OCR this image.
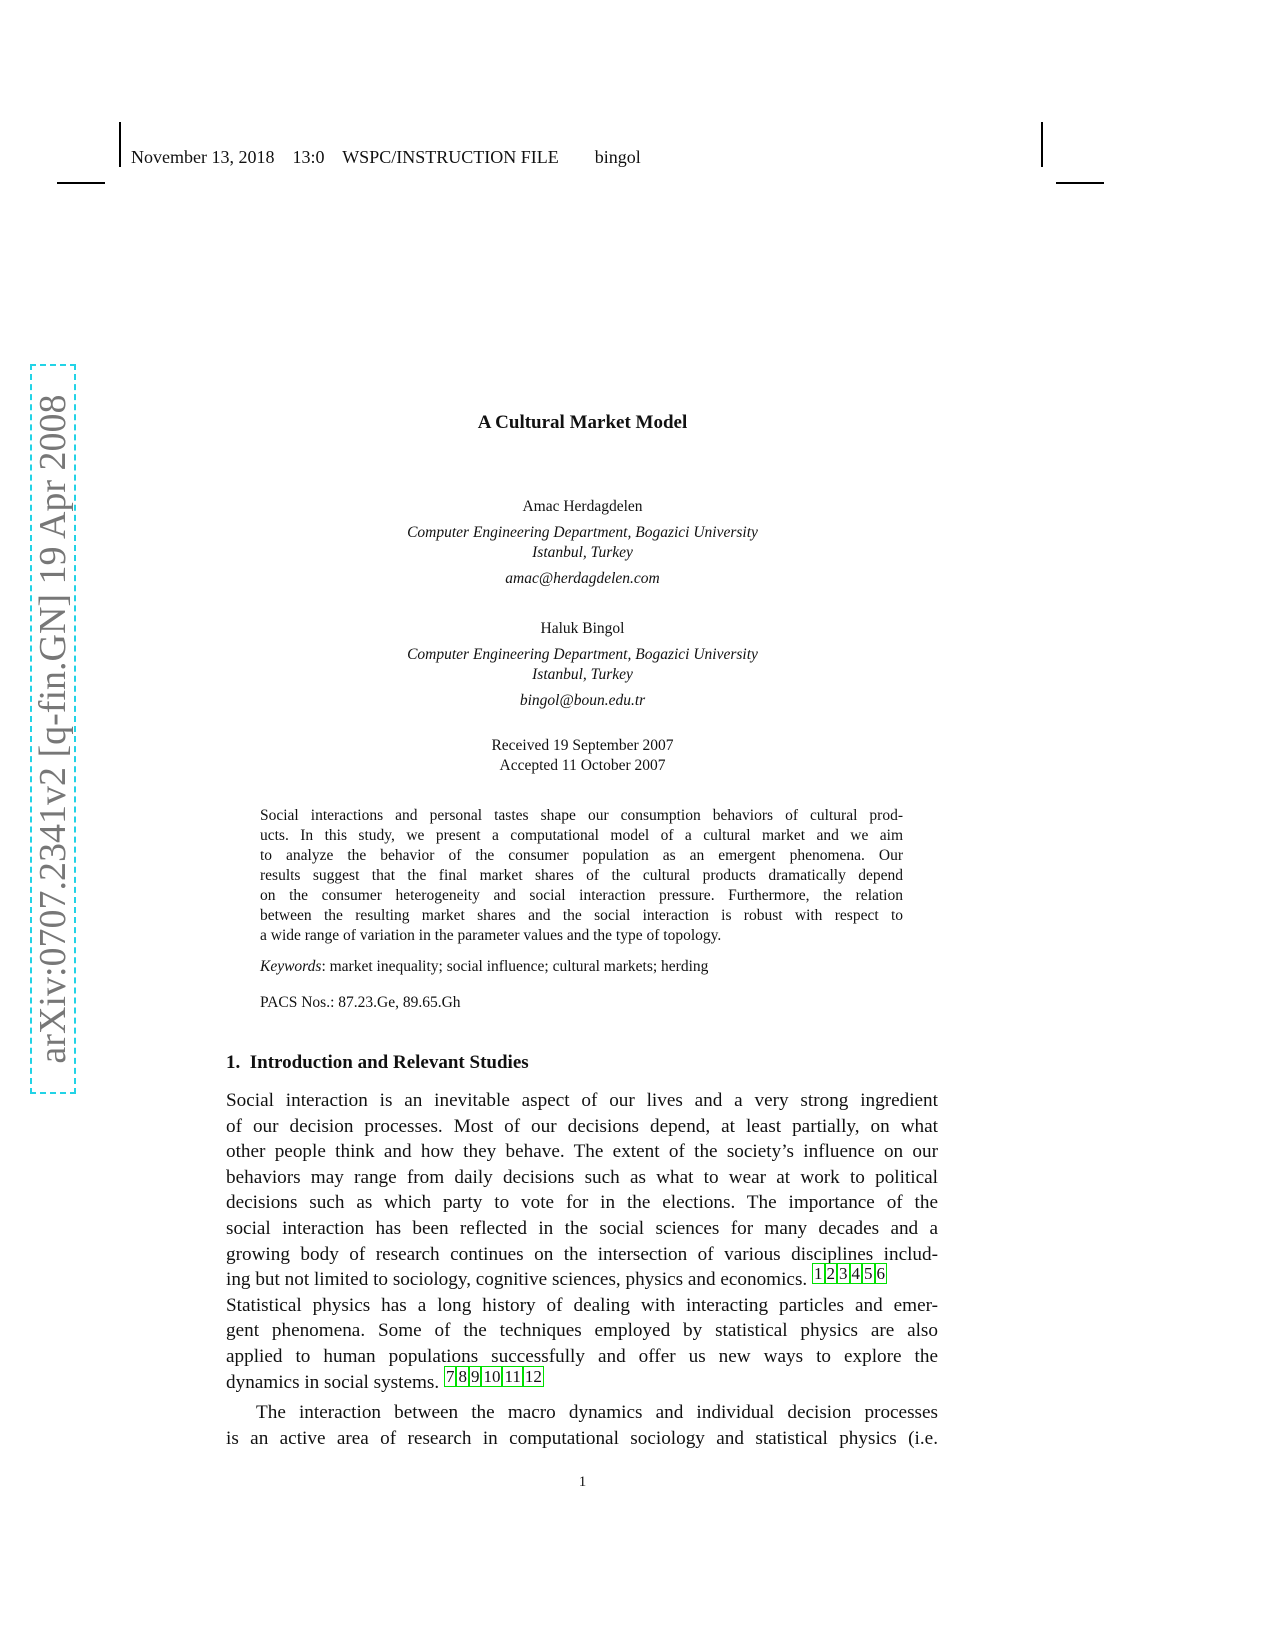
November 13, 2018 13:0 WSPC/INSTRUCTION FILE bingol
arXiv:0707.2341v2 [q-fin.GN] 19 Apr 2008	A Cultural Market Model
Amac Herdagdelen
Computer Engineering Department, Bogazici University
Istanbul, Turkey
amac@herdagdelen.com
Haluk Bingol
Computer Engineering Department, Bogazici University
Istanbul, Turkey
bingol@boun.edu.tr
Received 19 September 2007
Accepted 11 October 2007
Social interactions and personal tastes shape our consumption behaviors of cultural prod-
ucts. In this study, we present a computational model of a cultural market and we aim
to analyze the behavior of the consumer population as an emergent phenomena. Our
results suggest that the final market shares of the cultural products dramatically depend
on the consumer heterogeneity and social interaction pressure. Furthermore, the relation
between the resulting market shares and the social interaction is robust with respect to
a wide range of variation in the parameter values and the type of topology.
Keywords: market inequality; social influence; cultural markets; herding
PACS Nos.: 87.23.Ge, 89.65.Gh
1. Introduction and Relevant Studies
Social interaction is an inevitable aspect of our lives and a very strong ingredient
of our decision processes. Most of our decisions depend, at least partially, on what
other people think and how they behave. The extent of the society’s influence on our
behaviors may range from daily decisions such as what to wear at work to political
decisions such as which party to vote for in the elections. The importance of the
social interaction has been reflected in the social sciences for many decades and a
growing body of research continues on the intersection of various disciplines includ-
ing but not limited to sociology, cognitive sciences, physics and economics. 1 2 3 4 5 6
Statistical physics has a long history of dealing with interacting particles and emer-
gent phenomena. Some of the techniques employed by statistical physics are also
applied to human populations successfully and offer us new ways to explore the
dynamics in social systems. 7 8 9 10 11 12
The interaction between the macro dynamics and individual decision processes
is an active area of research in computational sociology and statistical physics (i.e.
1
